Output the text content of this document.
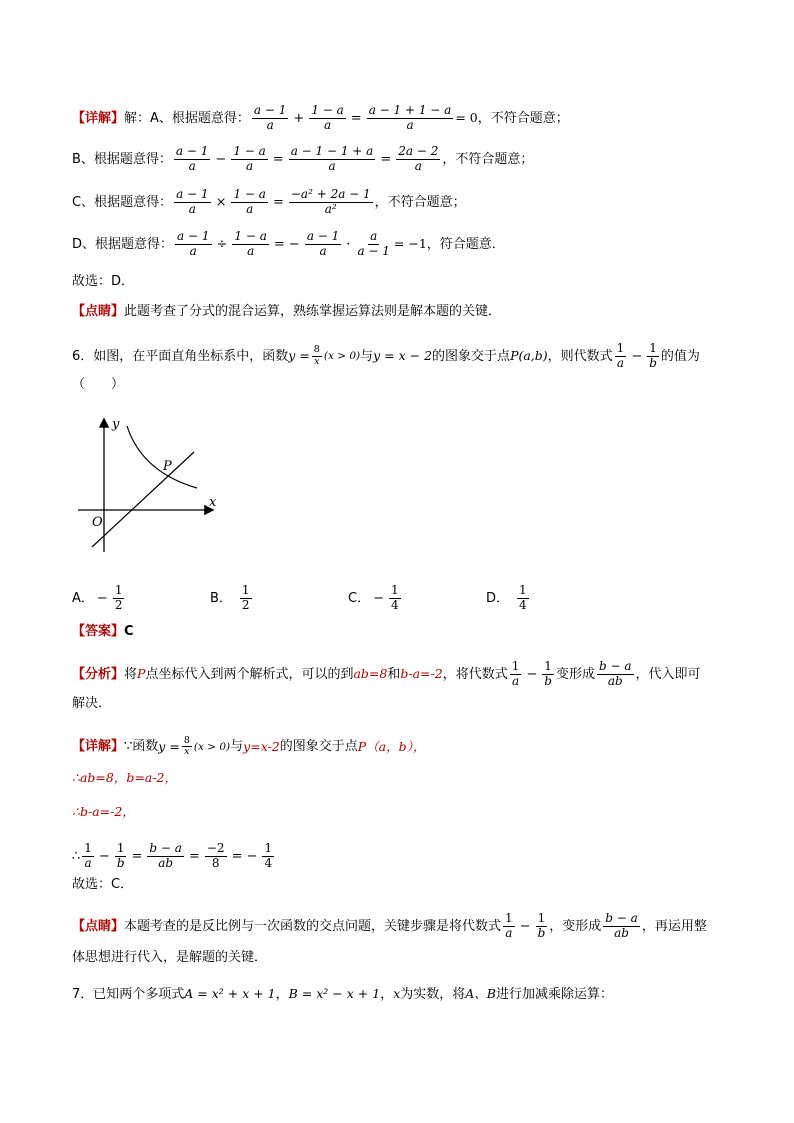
【详解】 解：A、根据题意得： $\frac{a - 1}{a} + \frac{1 - a}{a} = \frac{a - 1 + 1 - a}{a} = 0$ ，不符合题意；
B、根据题意得： $\frac{a - 1}{a} - \frac{1 - a}{a} = \frac{a - 1 - 1 + a}{a} = \frac{2a - 2}{a}$ ，不符合题意；
C、根据题意得： $\frac{a - 1}{a} \times \frac{1 - a}{a} = \frac{\text{−a² + 2a − 1}}{\text{a²}}$ ，不符合题意；
D、根据题意得： $\frac{a - 1}{a} \div \frac{1 - a}{a}$ = − $\frac{a - 1}{a} \cdot \frac{a}{a - 1} = -1$ ，符合题意．
故选：D．
【点睛】 此题考查了分式的混合运算，熟练掌握运算法则是解本题的关键．
6．如图，在平面直角坐标系中，函数 $y = \frac{8}{x} (x > 0)$ 与 y = x − 2 的图象交于点 P(a,b) ，则代数式 $\frac{1}{a} - \frac{1}{b}$ 的值为
（　　）
y
x
O
P
A． − $\frac{1}{2}$	B． $\frac{1}{2}$	C． − $\frac{1}{4}$	D． $\frac{1}{4}$
【答案】 C
【分析】 将 P 点坐标代入到两个解析式，可以的到 ab=8 和 b-a=-2 ，将代数式 $\frac{1}{a} - \frac{1}{b}$ 变形成 $\frac{b - a}{ab}$ ，代入即可
解决．
【详解】 ∵函数 $y = \frac{8}{x} (x > 0)$ 与 y=x-2 的图象交于点 P（a，b），
∴ab=8，b=a-2，
∴b-a=-2，
∴ $\frac{1}{a} - \frac{1}{b} = \frac{b - a}{ab} = \frac{-2}{8}$ = − $\frac{1}{4}$
故选：C．
【点睛】 本题考查的是反比例与一次函数的交点问题，关键步骤是将代数式 $\frac{1}{a} - \frac{1}{b}$ ，变形成 $\frac{b - a}{ab}$ ，再运用整
体思想进行代入，是解题的关键．
7．已知两个多项式 A = x² + x + 1 ， B = x² − x + 1 ， x 为实数，将 A、B 进行加减乘除运算：
